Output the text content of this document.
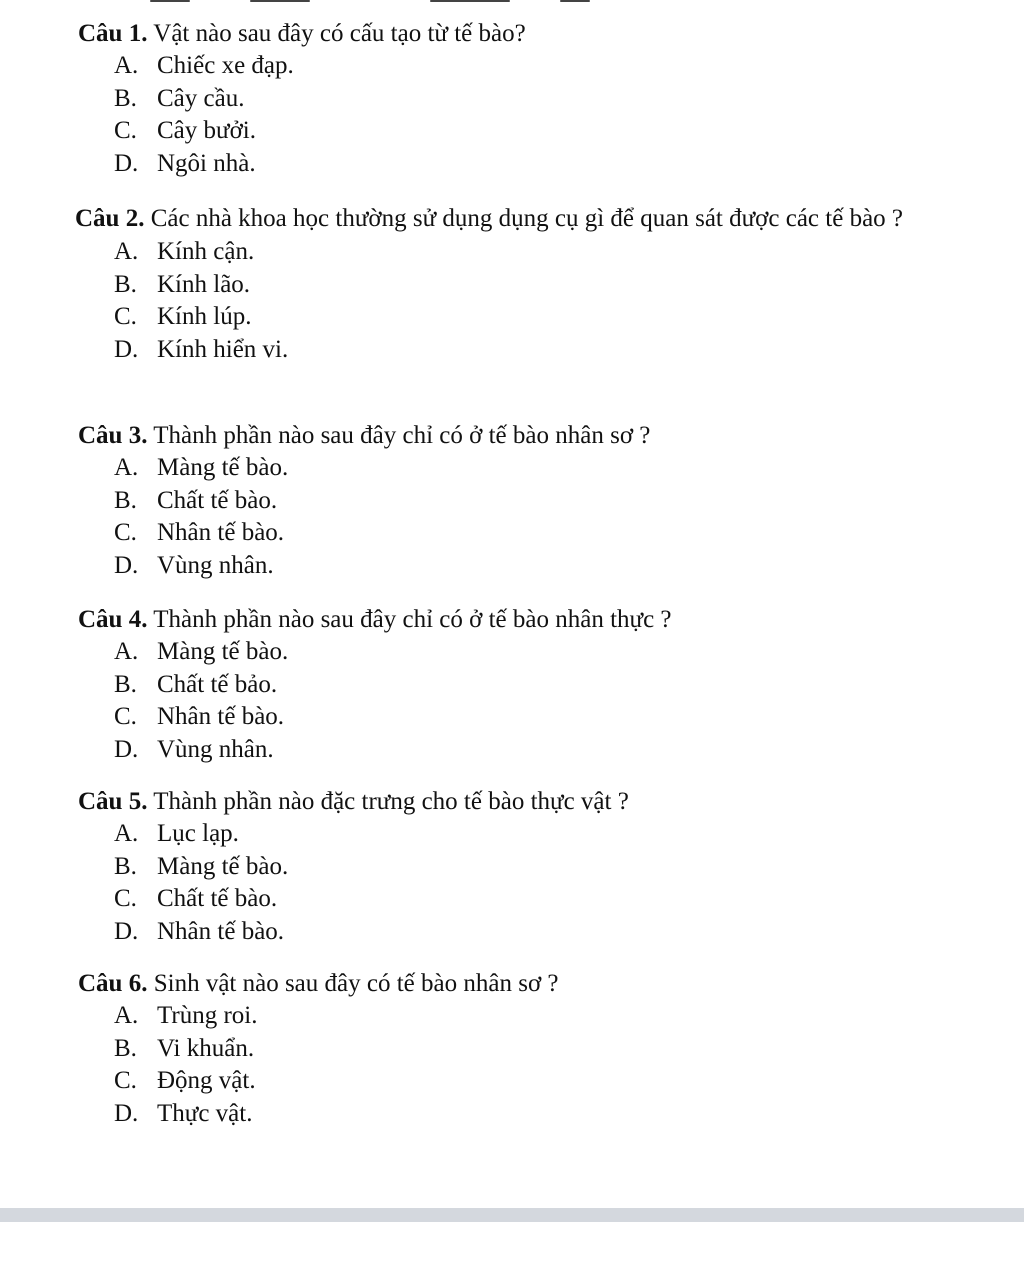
Câu 1. Vật nào sau đây có cấu tạo từ tế bào?

A. Chiếc xe đạp.
B. Cây cầu.
C. Cây bưởi.
D. Ngôi nhà.

Câu 2. Các nhà khoa học thường sử dụng dụng cụ gì để quan sát được các tế bào ?

A. Kính cận.
B. Kính lão.
C. Kính lúp.
D. Kính hiển vi.

Câu 3. Thành phần nào sau đây chỉ có ở tế bào nhân sơ ?

A. Màng tế bào.
B. Chất tế bào.
C. Nhân tế bào.
D. Vùng nhân.

Câu 4. Thành phần nào sau đây chỉ có ở tế bào nhân thực ?

A. Màng tế bào.
B. Chất tế bảo.
C. Nhân tế bào.
D. Vùng nhân.

Câu 5. Thành phần nào đặc trưng cho tế bào thực vật ?

A. Lục lạp.
B. Màng tế bào.
C. Chất tế bào.
D. Nhân tế bào.

Câu 6. Sinh vật nào sau đây có tế bào nhân sơ ?

A. Trùng roi.
B. Vi khuẩn.
C. Động vật.
D. Thực vật.
